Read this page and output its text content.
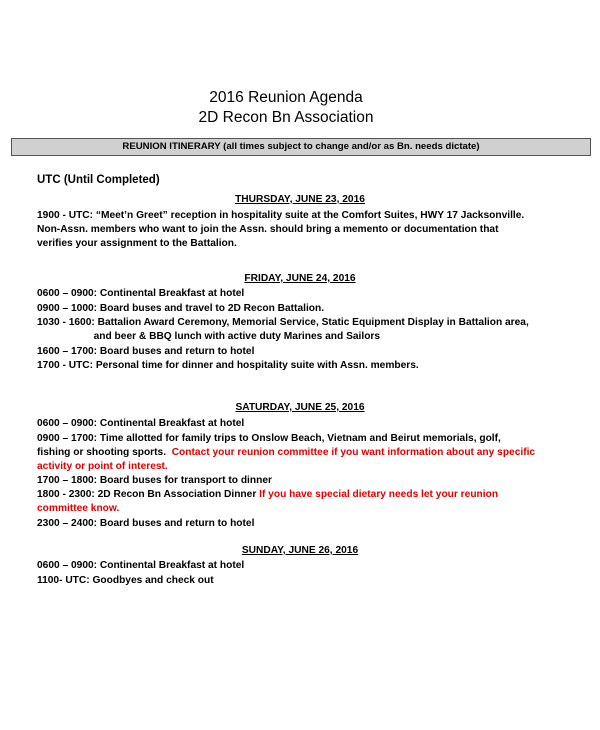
2016 Reunion Agenda
2D Recon Bn Association
REUNION ITINERARY (all times subject to change and/or as Bn. needs dictate)
UTC (Until Completed)
THURSDAY, JUNE 23, 2016
1900 - UTC: “Meet’n Greet” reception in hospitality suite at the Comfort Suites, HWY 17 Jacksonville.
Non-Assn. members who want to join the Assn. should bring a memento or documentation that
verifies your assignment to the Battalion.
FRIDAY, JUNE 24, 2016
0600 – 0900: Continental Breakfast at hotel
0900 – 1000: Board buses and travel to 2D Recon Battalion.
1030 - 1600: Battalion Award Ceremony, Memorial Service, Static Equipment Display in Battalion area,
and beer & BBQ lunch with active duty Marines and Sailors
1600 – 1700: Board buses and return to hotel
1700 - UTC: Personal time for dinner and hospitality suite with Assn. members.
SATURDAY, JUNE 25, 2016
0600 – 0900: Continental Breakfast at hotel
0900 – 1700: Time allotted for family trips to Onslow Beach, Vietnam and Beirut memorials, golf,
fishing or shooting sports.  Contact your reunion committee if you want information about any specific
activity or point of interest.
1700 – 1800: Board buses for transport to dinner
1800 - 2300: 2D Recon Bn Association Dinner If you have special dietary needs let your reunion
committee know.
2300 – 2400: Board buses and return to hotel
SUNDAY, JUNE 26, 2016
0600 – 0900: Continental Breakfast at hotel
1100- UTC: Goodbyes and check out
